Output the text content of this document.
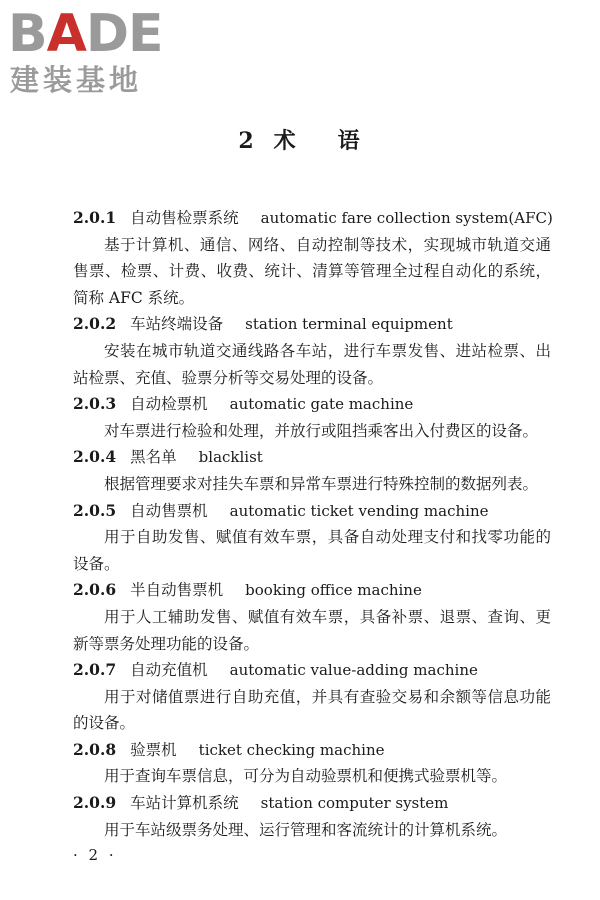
BADE
建装基地
2 术 语
2.0.1 自动售检票系统 automatic fare collection system(AFC)

基于计算机、通信、网络、自动控制等技术，实现城市轨道交通售票、检票、计费、收费、统计、清算等管理全过程自动化的系统，简称 AFC 系统。

2.0.2 车站终端设备 station terminal equipment

安装在城市轨道交通线路各车站，进行车票发售、进站检票、出站检票、充值、验票分析等交易处理的设备。

2.0.3 自动检票机 automatic gate machine

对车票进行检验和处理，并放行或阻挡乘客出入付费区的设备。

2.0.4 黑名单 blacklist

根据管理要求对挂失车票和异常车票进行特殊控制的数据列表。

2.0.5 自动售票机 automatic ticket vending machine

用于自助发售、赋值有效车票，具备自动处理支付和找零功能的设备。

2.0.6 半自动售票机 booking office machine

用于人工辅助发售、赋值有效车票，具备补票、退票、查询、更新等票务处理功能的设备。

2.0.7 自动充值机 automatic value-adding machine

用于对储值票进行自助充值，并具有查验交易和余额等信息功能的设备。

2.0.8 验票机 ticket checking machine

用于查询车票信息，可分为自动验票机和便携式验票机等。

2.0.9 车站计算机系统 station computer system

用于车站级票务处理、运行管理和客流统计的计算机系统。

· 2 ·
